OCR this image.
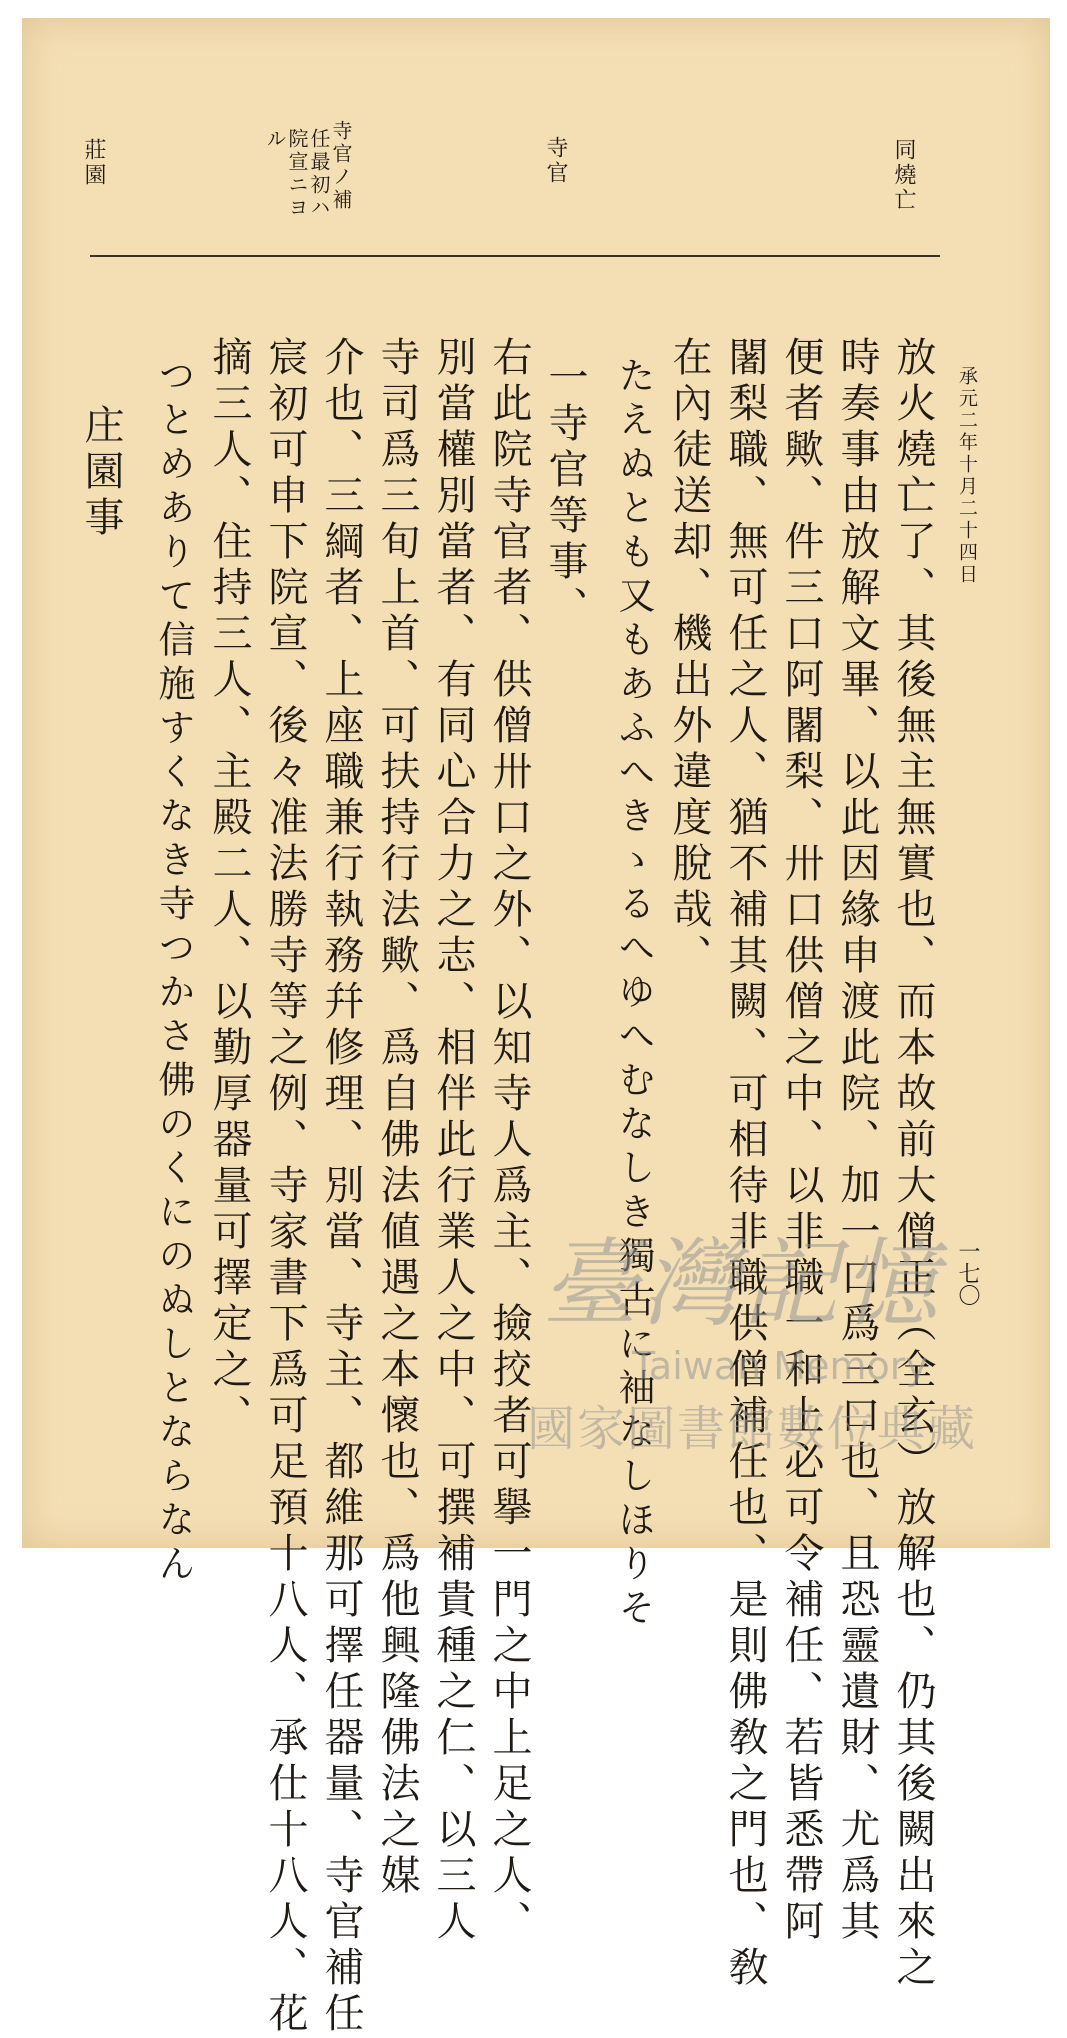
同燒亡
寺官
寺官ノ補
任最初ハ
院宣ニヨ
ル
莊園
承元二年十月二十四日
一七〇
放火燒亡了、其後無主無實也、而本故前大僧正（全玄）放解也、仍其後闕出來之
時奏事由放解文畢、以此因緣申渡此院、加一口爲三口也、且恐靈遺財、尤爲其
便者歟、件三口阿闍梨、卅口供僧之中、以非職一和上必可令補任、若皆悉帶阿
闍梨職、無可任之人、猶不補其闕、可相待非職供僧補任也、是則佛敎之門也、敎
在內徒送却、機出外違度脫哉、
たえぬとも又もあふへきゝるへゆへむなしき獨古に袖なしほりそ
一寺官等事、
右此院寺官者、供僧卅口之外、以知寺人爲主、撿挍者可擧一門之中上足之人、
別當權別當者、有同心合力之志、相伴此行業人之中、可撰補貴種之仁、以三人
寺司爲三旬上首、可扶持行法歟、爲自佛法値遇之本懷也、爲他興隆佛法之媒
介也、三綱者、上座職兼行執務幷修理、別當、寺主、都維那可擇任器量、寺官補任
宸初可申下院宣、後々准法勝寺等之例、寺家書下爲可足預十八人、承仕十八人、花
摘三人、住持三人、主殿二人、以勤厚器量可擇定之、
つとめありて信施すくなき寺つかさ佛のくにのぬしとならなん
庄園事
臺灣記憶
Taiwan Memory
國家圖書館數位典藏
